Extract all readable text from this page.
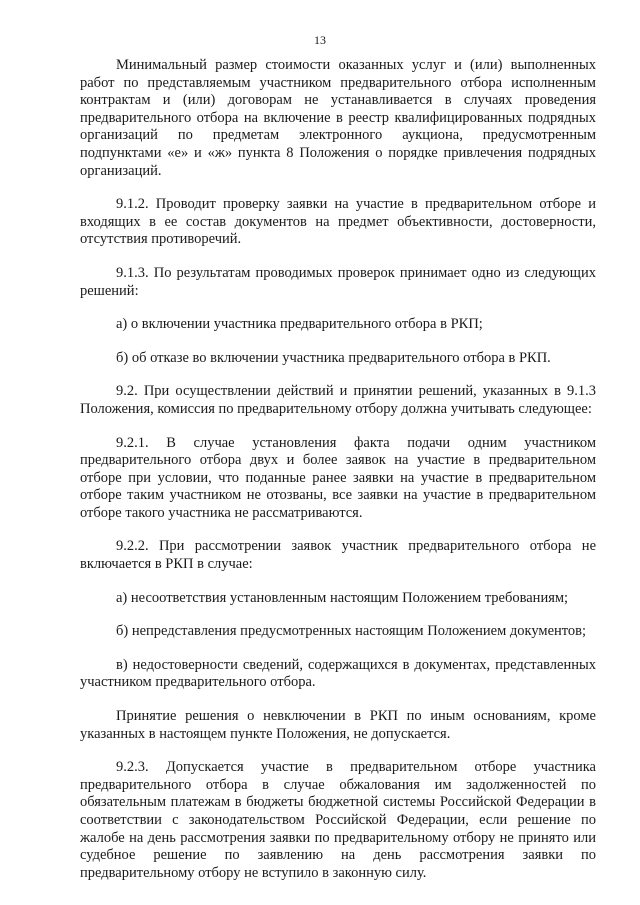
13

Минимальный размер стоимости оказанных услуг и (или) выполненных работ по представляемым участником предварительного отбора исполненным контрактам и (или) договорам не устанавливается в случаях проведения предварительного отбора на включение в реестр квалифицированных подрядных организаций по предметам электронного аукциона, предусмотренным подпунктами «е» и «ж» пункта 8 Положения о порядке привлечения подрядных организаций.

9.1.2. Проводит проверку заявки на участие в предварительном отборе и входящих в ее состав документов на предмет объективности, достоверности, отсутствия противоречий.

9.1.3. По результатам проводимых проверок принимает одно из следующих решений:

а) о включении участника предварительного отбора в РКП;

б) об отказе во включении участника предварительного отбора в РКП.

9.2. При осуществлении действий и принятии решений, указанных в 9.1.3 Положения, комиссия по предварительному отбору должна учитывать следующее:

9.2.1. В случае установления факта подачи одним участником предварительного отбора двух и более заявок на участие в предварительном отборе при условии, что поданные ранее заявки на участие в предварительном отборе таким участником не отозваны, все заявки на участие в предварительном отборе такого участника не рассматриваются.

9.2.2. При рассмотрении заявок участник предварительного отбора не включается в РКП в случае:

а) несоответствия установленным настоящим Положением требованиям;

б) непредставления предусмотренных настоящим Положением документов;

в) недостоверности сведений, содержащихся в документах, представленных участником предварительного отбора.

Принятие решения о невключении в РКП по иным основаниям, кроме указанных в настоящем пункте Положения, не допускается.

9.2.3. Допускается участие в предварительном отборе участника предварительного отбора в случае обжалования им задолженностей по обязательным платежам в бюджеты бюджетной системы Российской Федерации в соответствии с законодательством Российской Федерации, если решение по жалобе на день рассмотрения заявки по предварительному отбору не принято или судебное решение по заявлению на день рассмотрения заявки по предварительному отбору не вступило в законную силу.
